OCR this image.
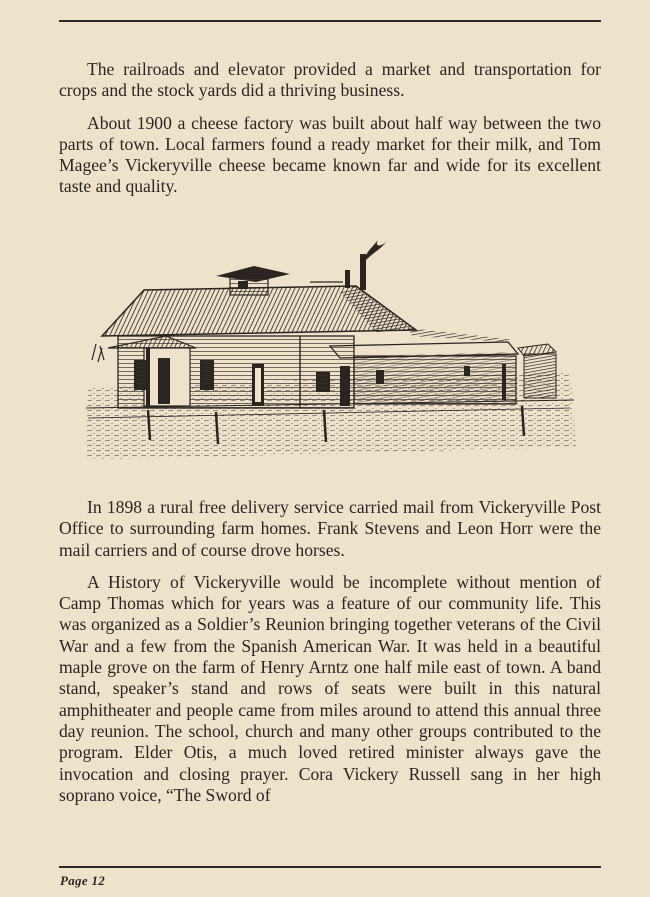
The railroads and elevator provided a market and transportation for crops and the stock yards did a thriving business.

About 1900 a cheese factory was built about half way between the two parts of town. Local farmers found a ready market for their milk, and Tom Magee’s Vickeryville cheese became known far and wide for its excellent taste and quality.

In 1898 a rural free delivery service carried mail from Vickeryville Post Office to surrounding farm homes. Frank Stevens and Leon Horr were the mail carriers and of course drove horses.

A History of Vickeryville would be incomplete without mention of Camp Thomas which for years was a feature of our community life. This was organized as a Soldier’s Reunion bringing together veterans of the Civil War and a few from the Spanish American War. It was held in a beautiful maple grove on the farm of Henry Arntz one half mile east of town. A band stand, speaker’s stand and rows of seats were built in this natural amphitheater and people came from miles around to attend this annual three day reunion. The school, church and many other groups contributed to the program. Elder Otis, a much loved retired minister always gave the invocation and closing prayer. Cora Vickery Russell sang in her high soprano voice, “The Sword of

Page 12
